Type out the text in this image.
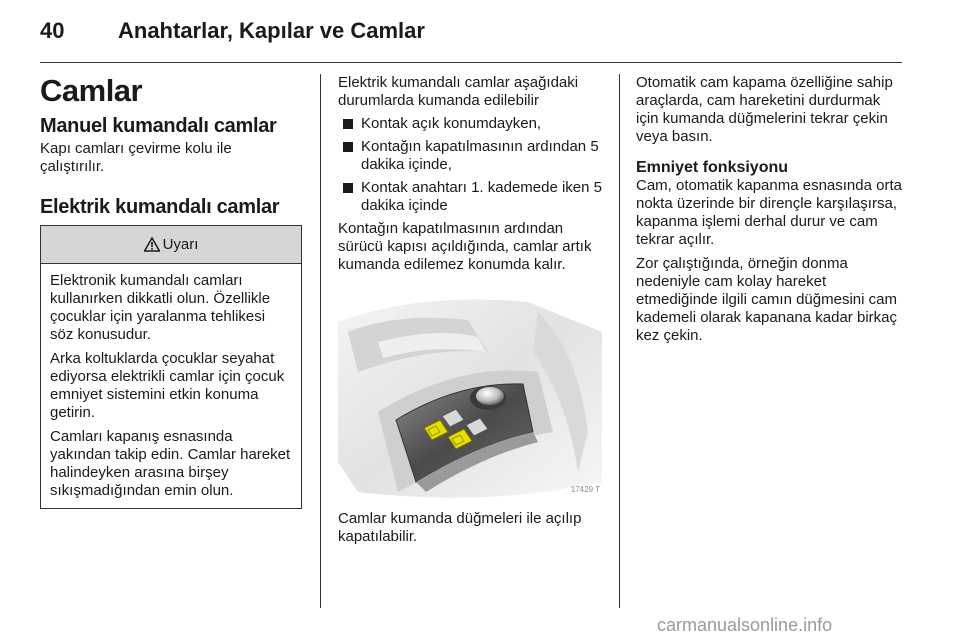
40 Anahtarlar, Kapılar ve Camlar
Camlar
Manuel kumandalı camlar
Kapı camları çevirme kolu ile çalıştırılır.
Elektrik kumandalı camlar
Uyarı
Elektronik kumandalı camları kullanırken dikkatli olun. Özellikle çocuklar için yaralanma tehlikesi söz konusudur.
Arka koltuklarda çocuklar seyahat ediyorsa elektrikli camlar için çocuk emniyet sistemini etkin konuma getirin.
Camları kapanış esnasında yakından takip edin. Camlar hareket halindeyken arasına birşey sıkışmadığından emin olun.
Elektrik kumandalı camlar aşağıdaki durumlarda kumanda edilebilir
Kontak açık konumdayken,
Kontağın kapatılmasının ardından 5 dakika içinde,
Kontak anahtarı 1. kademede iken 5 dakika içinde
Kontağın kapatılmasının ardından sürücü kapısı açıldığında, camlar artık kumanda edilemez konumda kalır.
17429 T
Camlar kumanda düğmeleri ile açılıp kapatılabilir.
Otomatik cam kapama özelliğine sahip araçlarda, cam hareketini durdurmak için kumanda düğmelerini tekrar çekin veya basın.
Emniyet fonksiyonu
Cam, otomatik kapanma esnasında orta nokta üzerinde bir dirençle karşılaşırsa, kapanma işlemi derhal durur ve cam tekrar açılır.
Zor çalıştığında, örneğin donma nedeniyle cam kolay hareket etmediğinde ilgili camın düğmesini cam kademeli olarak kapanana kadar birkaç kez çekin.
carmanualsonline.info
